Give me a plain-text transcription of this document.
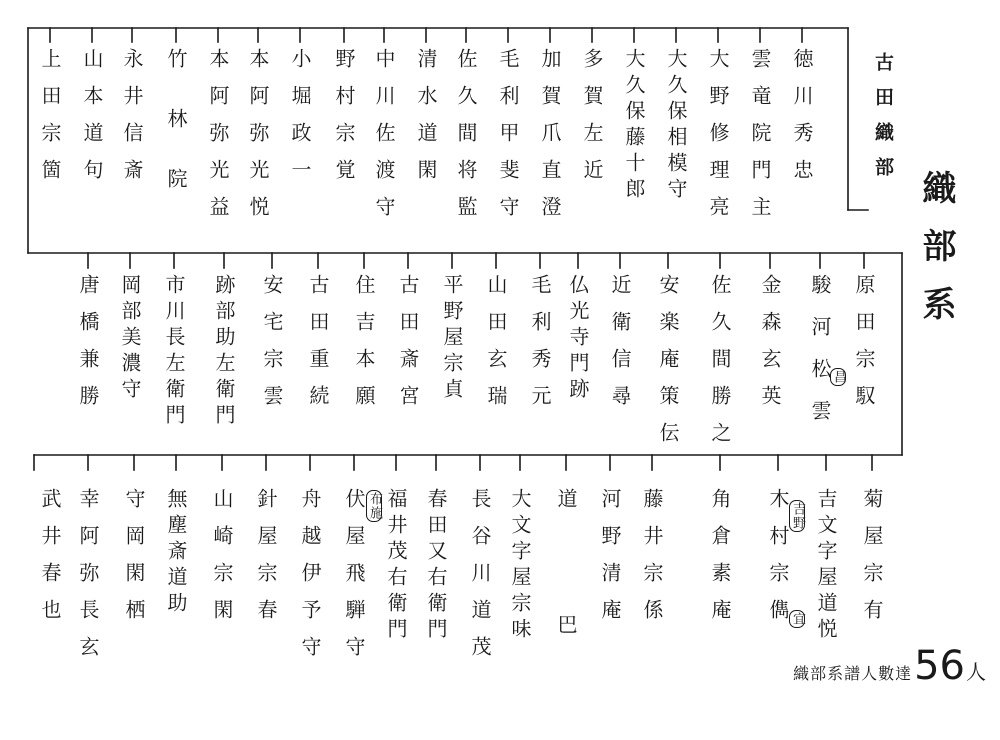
古田織部
織部系
徳川秀忠
雲竜院門主
大野修理亮
大久保相模守
大久保藤十郎
多賀左近
加賀爪直澄
毛利甲斐守
佐久間将監
清水道閑
中川佐渡守
野村宗覚
小堀政一
本阿弥光悦
本阿弥光益
竹林院
永井信斎
山本道句
上田宗箇
原田宗馭
駿河松雲 昌
金森玄英
佐久間勝之
安楽庵策伝
近衛信尋
仏光寺門跡
毛利秀元
山田玄瑞
平野屋宗貞
古田斎宮
住吉本願
古田重続
安宅宗雲
跡部助左衛門
市川長左衛門
岡部美濃守
唐橋兼勝
菊屋宗有
吉文字屋道悦
吉野
木村宗儁 宜
角倉素庵
藤井宗係
河野清庵
道巴
大文字屋宗味
長谷川道茂
春田又右衛門
福井茂右衛門
布施
伏屋飛騨守
舟越伊予守
針屋宗春
山崎宗閑
無塵斎道助
守岡閑栖
幸阿弥長玄
武井春也
織部系譜人數達 56 人
